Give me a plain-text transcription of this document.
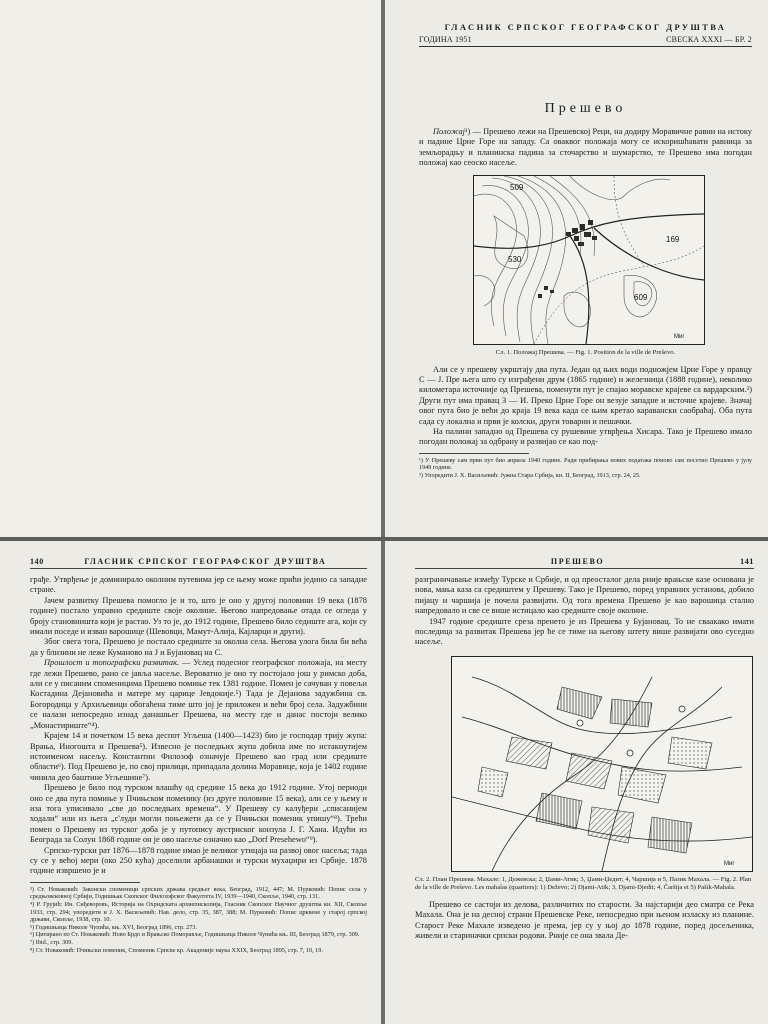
ГЛАСНИК СРПСКОГ ГЕОГРАФСКОГ ДРУШТВА
ГОДИНА 1951	СВЕСКА XXXI — БР. 2
Прешево

Положај¹) — Прешево лежи на Прешевској Реци, на додиру Моравичне равни на истоку и падине Црне Горе на западу. Са оваквог положаја могу се искоришћавати равница за земљорадњу и планинска падина за сточарство и шумарство, те Прешево има погодан положај као сеоско насеље.

509
530
169
609
Миг
Сл. 1. Положај Прешева. — Fig. 1. Position de la ville de Preševo.

Али се у прешеву укрштају два пута. Један од њих води подножјем Црне Горе у правцу С — Ј. Пре њега што су изграђени друм (1865 године) и железница (1888 године), неколико километара источније од Прешева, поменути пут је спајао моравске крајеве са вардарским.²) Други пут има правац З — И. Преко Црне Горе он везује западне и источне крајеве. Значај овог пута био је већи до краја 19 века када се њим кретао каравански саобраћај. Оба пута сада су локална и први је колски, други товарни и пешачки.

На палини западно од Прешева су рушевине утврђења Хисара. Тако је Прешево имало погодан положај за одбрану и развијао се као под-

¹) У Прешеву сам први пут био априла 1940 године. Ради прибирања нових података поново сам посетио Прешево у јулу 1949 године.

²) Упоредити Ј. Х. Васиљевић: Јужна Стара Србија, кн. II, Београд, 1913, стр. 24, 25.

140	ГЛАСНИК СРПСКОГ ГЕОГРАФСКОГ ДРУШТВА

грађе. Утврђење је доминирало околним путевима јер се њему може прићи једино са западне стране.

Јачем развитку Прешева помогло је и то, што је оно у другој половини 19 века (1878 године) постало управно средиште своје околине. Његово напредовање отада се огледа у броју становништа који је растао. Уз то је, до 1912 године, Прешево било седиште ага, који су имали поседе и изван варошице (Шевовци, Мамут-Алија, Кајларци и други).

Због свега тога, Прешево је постало средиште за околна села. Његова улога била би већа да у близини не леже Куманово на Ј и Бујановац на С.

Прошлост и топографски развитак. — Услед подесног географског положаја, на месту где лежи Прешево, рано се јавља насеље. Вероватно је оно ту постојало још у римско доба, али се у писаним споменицима Прешево помиње тек 1381 године. Помен је сачуван у повељи Костадина Дејановића и матере му царице Јевдокије.⁵) Тада је Дејанова задужбина св. Богородица у Архиљевици обогаћена тиме што јој је приложен и већи број села. Задужбини се налази непосредно изнад данашњег Прешева, на месту где и данас постоји велико „Монастириште“⁴).

Крајем 14 и почетком 15 века деспот Угљеша (1400—1423) био је господар трију жупа: Врања, Иногошта и Прешева⁵). Извесно је последњих жупа добила име по истакнутијем истоименом насељу. Константин Филозоф означује Прешево као град или средиште области⁶). Под Прешево је, по свој прилици, припадала долина Моравице, која је 1402 године чинила део баштине Угљешине⁷).

Прешево је било под турском влашћу од средине 15 века до 1912 године. Утој периоди оно се два пута помиње у Пчињском поменику (из друге половине 15 века), али се у њему и иза тога уписивало „све до последњих времена“. У Прешеву су калуђери „списанијем ходали“ или из њега „с'луди могли поњежети да се у Пчињски поменик упишу“⁸). Трећи помен о Прешеву из турског доба је у путопису аустриског конзула Ј. Г. Хана. Идући из Београда за Солун 1868 године он је ово насеље означио као „Dorf Presehewo“⁹).

Српско-турски рат 1876—1878 године имао је великог утицаја на развој овог насеља; тада су се у већој мери (око 250 кућа) доселили арбанашки и турски мухаџири из Србије. 1878 године извршено је и

³) Ст. Новаковић: Законски споменици српских држава средњег века, Београд, 1912, 447; М. Пурковић: Попис села у средњовековној Србији, Годишњак Скопског Филозофског Факултета IV, 1939—1940, Скопље, 1940, стр. 131.

⁴) Р. Грујић: Ин. Сиђеворовъ, Историја на Охридската архиепископија, Гласник Скопског Научног друштва кн. XII, Скопље 1933, стр. 294; упоредити и Ј. Х. Васиљевић: Нав. дело, стр. 35, 387, 388; М. Пурковић: Попис црквене у старој српској држави, Скопље, 1938, стр. 10.

⁵) Годишњица Николе Чупића, књ. XVI, Београд 1896, стр. 273.

⁶) Цитирано по Ст. Новаковић: Ново Брдо и Врањско Поморавље, Годишњица Николе Чупића књ. III, Београд 1879, стр. 309.

⁷) Ibid., стр. 309.

⁸) Ст. Новаковић: Пчињски поменик, Споменик Српске кр. Академије наука XXIX, Београд 1895, стр. 7, 10, 19.

ПРЕШЕВО	141

разграничавање између Турске и Србије, и од преосталог дела рније врањске казе основана је нова, мања каза са средиштем у Прешеву. Тако је Прешево, поред управних установа, добило пијацу и чаршија је почела развијати. Од тога времена Прешево је као варошица стално напредовало и све се више истицало као средиште своје околине.

1947 године средиште среза пренето је из Прешева у Бујановац. То не сваакако имати последица за развитак Прешева јер ће се тиме на његову штету више развијати ово суседно насеље.

Миг
Сл. 2. План Прешева. Махале: 1, Дежевска; 2, Џами-Атик; 3, Џами-Џедит; 4, Чаршија и 5, Пазик Махала. — Fig. 2. Plan de la ville de Preševo. Les mahalas (quartiers): 1) Deževo; 2) Djami-Atik; 3, Djami-Djedit; 4, Čaršija et 5) Pašik-Mahala.

Прешево се састоји из делова, различитих по старости. За најстарији део сматра се Река Махала. Она је на десној страни Прешевске Реке, непосредно при њеном изласку из планине. Старост Реке Махале изведено је према, јер су у њој до 1878 године, поред досељеника, живели и стариначки српски родови. Рније се она звала Де-
